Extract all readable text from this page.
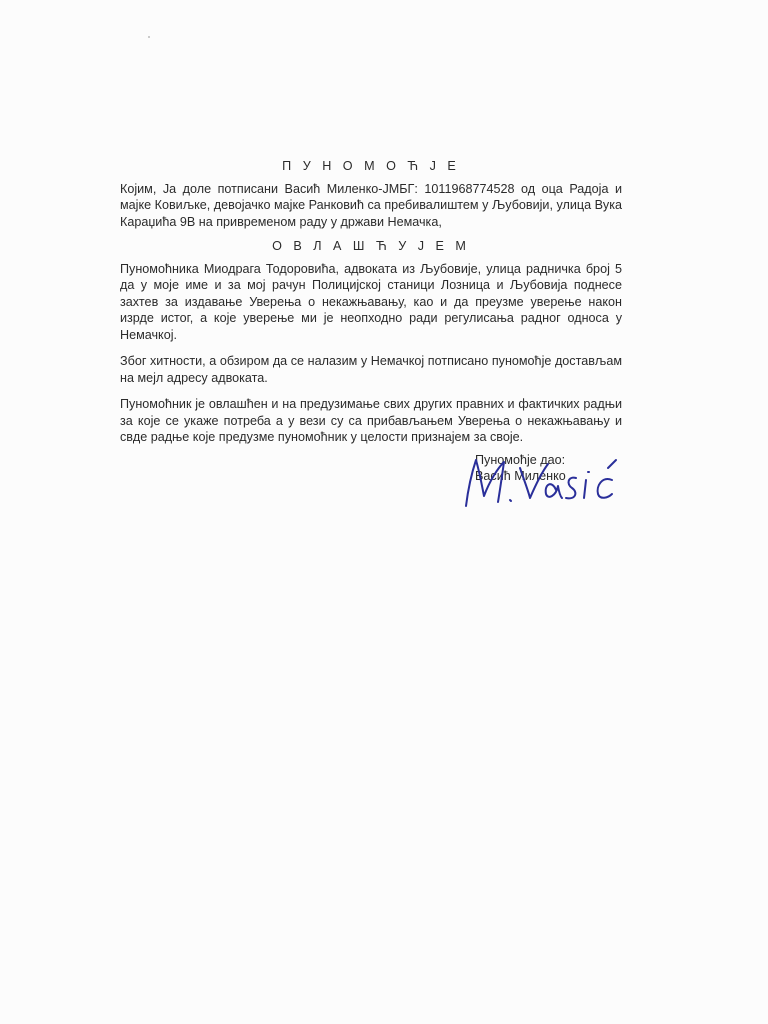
П У Н О М О Ћ Ј Е

Којим, Ја доле потписани Васић Миленко-ЈМБГ: 1011968774528 од оца Радоја и мајке Ковиљке, девојачко мајке Ранковић са пребивалиштем у Љубовији, улица Вука Караџића 9В на привременом раду у држави Немачка,

О В Л А Ш Ћ У Ј Е М

Пуномоћника Миодрага Тодоровића, адвоката из Љубовије, улица радничка број 5 да у моје име и за мој рачун Полицијској станици Лозница и Љубовија поднесе захтев за издавање Уверења о некажњавању, као и да преузме уверење након изрде истог, а које уверење ми је неопходно ради регулисања радног односа у Немачкој.

Због хитности, а обзиром да се налазим у Немачкој потписано пуномоћје достављам на мејл адресу адвоката.

Пуномоћник је овлашћен и на предузимање свих других правних и фактичких радњи за које се укаже потреба а у вези су са прибављањем Уверења о некажњавању и свде радње које предузме пуномоћник у целости признајем за своје.

Пуномоћје дао:
Васић Миленко
